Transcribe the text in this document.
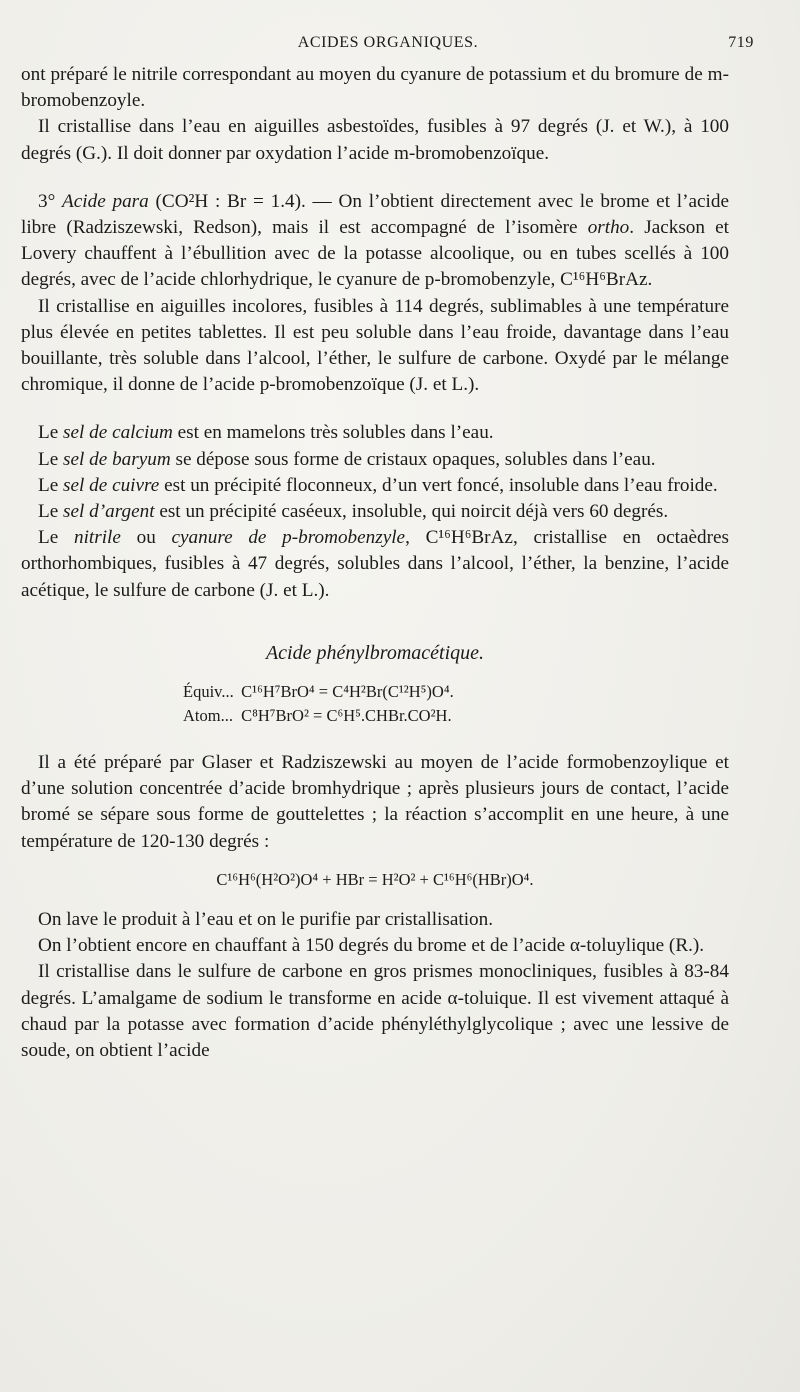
ACIDES ORGANIQUES.	719

ont préparé le nitrile correspondant au moyen du cyanure de potassium et du bromure de m-bromobenzoyle.

Il cristallise dans l’eau en aiguilles asbestoïdes, fusibles à 97 degrés (J. et W.), à 100 degrés (G.). Il doit donner par oxydation l’acide m-bromobenzoïque.

3° Acide para (CO²H : Br = 1.4). — On l’obtient directement avec le brome et l’acide libre (Radziszewski, Redson), mais il est accompagné de l’isomère ortho. Jackson et Lovery chauffent à l’ébullition avec de la potasse alcoolique, ou en tubes scellés à 100 degrés, avec de l’acide chlorhydrique, le cyanure de p-bromobenzyle, C¹⁶H⁶BrAz.

Il cristallise en aiguilles incolores, fusibles à 114 degrés, sublimables à une température plus élevée en petites tablettes. Il est peu soluble dans l’eau froide, davantage dans l’eau bouillante, très soluble dans l’alcool, l’éther, le sulfure de carbone. Oxydé par le mélange chromique, il donne de l’acide p-bromobenzoïque (J. et L.).

Le sel de calcium est en mamelons très solubles dans l’eau.

Le sel de baryum se dépose sous forme de cristaux opaques, solubles dans l’eau.

Le sel de cuivre est un précipité floconneux, d’un vert foncé, insoluble dans l’eau froide.

Le sel d’argent est un précipité caséeux, insoluble, qui noircit déjà vers 60 degrés.

Le nitrile ou cyanure de p-bromobenzyle, C¹⁶H⁶BrAz, cristallise en octaèdres orthorhombiques, fusibles à 47 degrés, solubles dans l’alcool, l’éther, la benzine, l’acide acétique, le sulfure de carbone (J. et L.).

Acide phénylbromacétique.

Équiv... C¹⁶H⁷BrO⁴ = C⁴H²Br(C¹²H⁵)O⁴.
Atom... C⁸H⁷BrO² = C⁶H⁵.CHBr.CO²H.

Il a été préparé par Glaser et Radziszewski au moyen de l’acide formobenzoylique et d’une solution concentrée d’acide bromhydrique ; après plusieurs jours de contact, l’acide bromé se sépare sous forme de gouttelettes ; la réaction s’accomplit en une heure, à une température de 120-130 degrés :

C¹⁶H⁶(H²O²)O⁴ + HBr = H²O² + C¹⁶H⁶(HBr)O⁴.

On lave le produit à l’eau et on le purifie par cristallisation.

On l’obtient encore en chauffant à 150 degrés du brome et de l’acide α-toluylique (R.).

Il cristallise dans le sulfure de carbone en gros prismes monocliniques, fusibles à 83-84 degrés. L’amalgame de sodium le transforme en acide α-toluique. Il est vivement attaqué à chaud par la potasse avec formation d’acide phényléthylglycolique ; avec une lessive de soude, on obtient l’acide
